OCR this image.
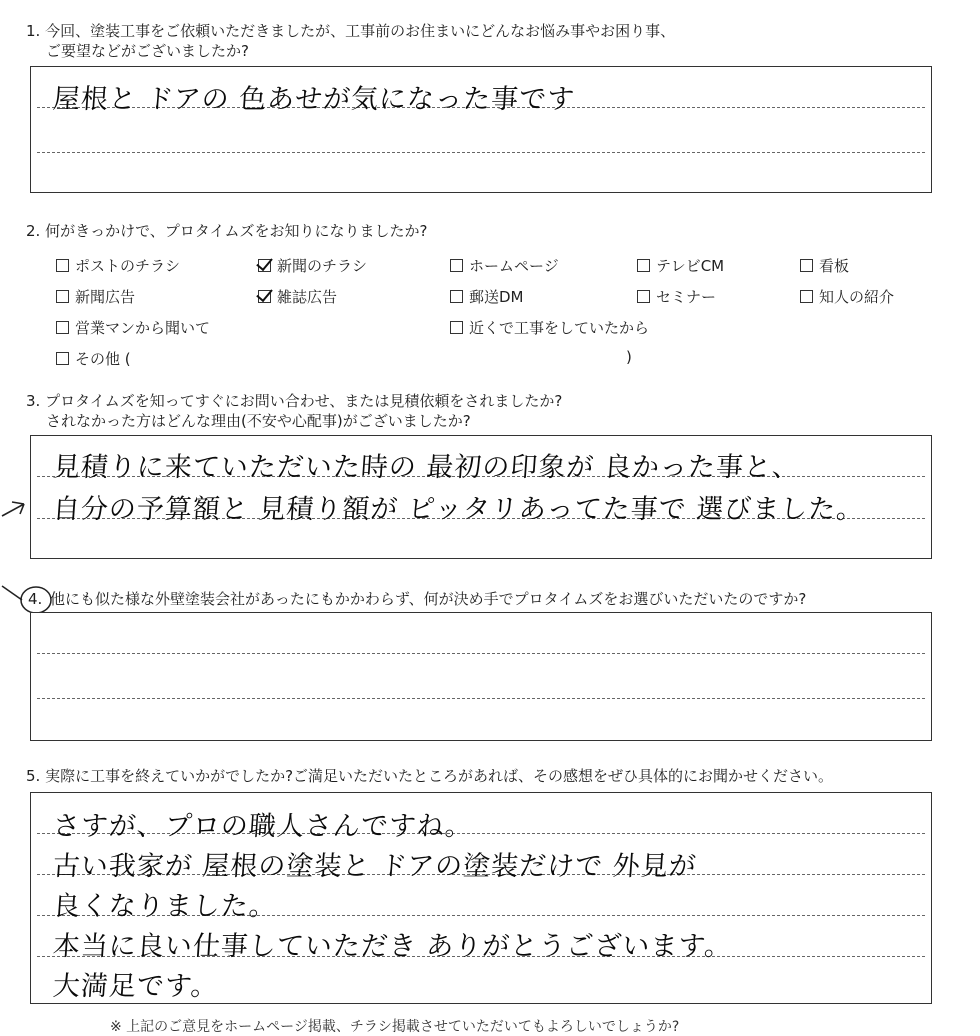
1. 今回、塗装工事をご依頼いただきましたが、工事前のお住まいにどんなお悩み事やお困り事、
ご要望などがございましたか?
屋根と ドアの 色あせが気になった事です
2. 何がきっかけで、プロタイムズをお知りになりましたか?
ポストのチラシ	新聞のチラシ	ホームページ	テレビCM	看板
新聞広告	雑誌広告	郵送DM	セミナー	知人の紹介
営業マンから聞いて	近くで工事をしていたから
その他 (	)
3. プロタイムズを知ってすぐにお問い合わせ、または見積依頼をされましたか?
されなかった方はどんな理由(不安や心配事)がございましたか?
見積りに来ていただいた時の 最初の印象が 良かった事と、
自分の予算額と 見積り額が ピッタリあってた事で 選びました。
4. 他にも似た様な外壁塗装会社があったにもかかわらず、何が決め手でプロタイムズをお選びいただいたのですか?
5. 実際に工事を終えていかがでしたか?ご満足いただいたところがあれば、その感想をぜひ具体的にお聞かせください。
さすが、プロの職人さんですね。
古い我家が 屋根の塗装と ドアの塗装だけで 外見が
良くなりました。
本当に良い仕事していただき ありがとうございます。
大満足です。
※ 上記のご意見をホームページ掲載、チラシ掲載させていただいてもよろしいでしょうか?
